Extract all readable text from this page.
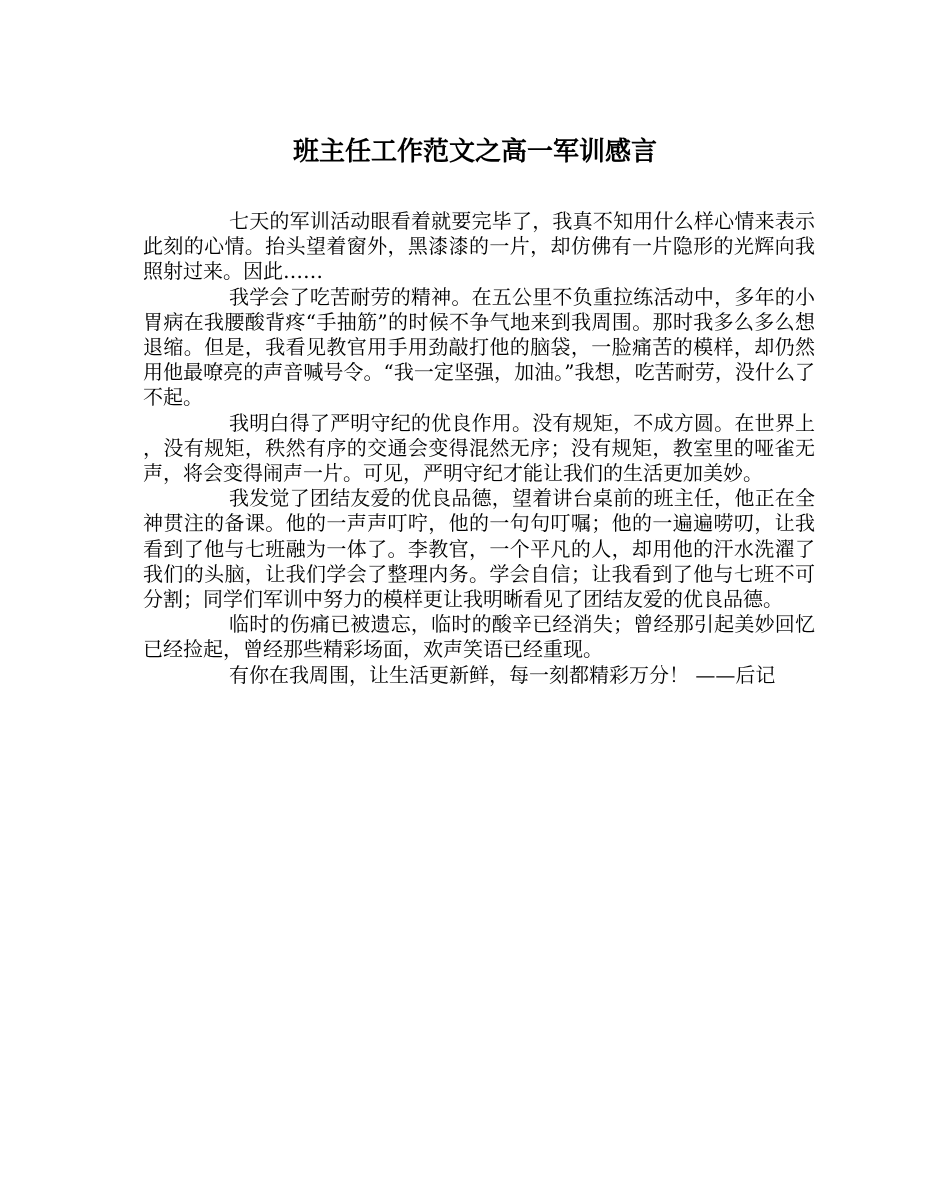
班主任工作范文之高一军训感言

七天的军训活动眼看着就要完毕了，我真不知用什么样心情来表示此刻的心情。抬头望着窗外，黑漆漆的一片，却仿佛有一片隐形的光辉向我照射过来。因此……

我学会了吃苦耐劳的精神。在五公里不负重拉练活动中，多年的小胃病在我腰酸背疼“手抽筋”的时候不争气地来到我周围。那时我多么多么想退缩。但是，我看见教官用手用劲敲打他的脑袋，一脸痛苦的模样，却仍然用他最嘹亮的声音喊号令。“我一定坚强，加油。”我想，吃苦耐劳，没什么了不起。

我明白得了严明守纪的优良作用。没有规矩，不成方圆。在世界上，没有规矩，秩然有序的交通会变得混然无序；没有规矩，教室里的哑雀无声，将会变得闹声一片。可见，严明守纪才能让我们的生活更加美妙。

我发觉了团结友爱的优良品德，望着讲台桌前的班主任，他正在全神贯注的备课。他的一声声叮咛，他的一句句叮嘱；他的一遍遍唠叨，让我看到了他与七班融为一体了。李教官，一个平凡的人，却用他的汗水洗濯了我们的头脑，让我们学会了整理内务。学会自信；让我看到了他与七班不可分割；同学们军训中努力的模样更让我明晰看见了团结友爱的优良品德。

临时的伤痛已被遗忘，临时的酸辛已经消失；曾经那引起美妙回忆已经捡起，曾经那些精彩场面，欢声笑语已经重现。

有你在我周围，让生活更新鲜，每一刻都精彩万分！ ——后记
